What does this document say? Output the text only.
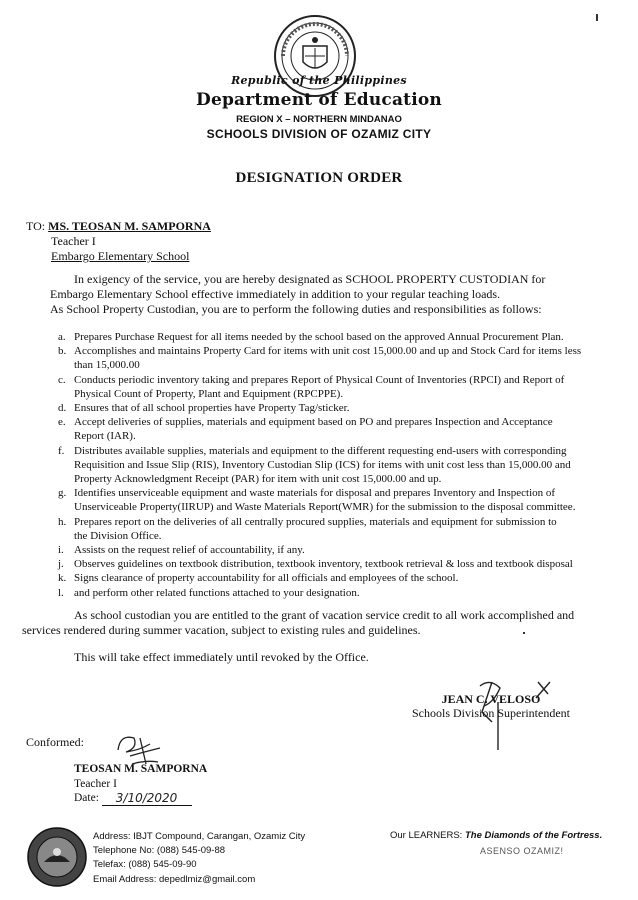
Republic of the Philippines
Department of Education
REGION X – NORTHERN MINDANAO
SCHOOLS DIVISION OF OZAMIZ CITY
DESIGNATION ORDER
TO: MS. TEOSAN M. SAMPORNA
Teacher I
Embargo Elementary School
In exigency of the service, you are hereby designated as SCHOOL PROPERTY CUSTODIAN for
Embargo Elementary School effective immediately in addition to your regular teaching loads.
As School Property Custodian, you are to perform the following duties and responsibilities as follows:
a. Prepares Purchase Request for all items needed by the school based on the approved Annual Procurement Plan.
b. Accomplishes and maintains Property Card for items with unit cost 15,000.00 and up and Stock Card for items less
than 15,000.00
c. Conducts periodic inventory taking and prepares Report of Physical Count of Inventories (RPCI) and Report of
Physical Count of Property, Plant and Equipment (RPCPPE).
d. Ensures that of all school properties have Property Tag/sticker.
e. Accept deliveries of supplies, materials and equipment based on PO and prepares Inspection and Acceptance
Report (IAR).
f. Distributes available supplies, materials and equipment to the different requesting end-users with corresponding
Requisition and Issue Slip (RIS), Inventory Custodian Slip (ICS) for items with unit cost less than 15,000.00 and
Property Acknowledgment Receipt (PAR) for item with unit cost 15,000.00 and up.
g. Identifies unserviceable equipment and waste materials for disposal and prepares Inventory and Inspection of
Unserviceable Property(IIRUP) and Waste Materials Report(WMR) for the submission to the disposal committee.
h. Prepares report on the deliveries of all centrally procured supplies, materials and equipment for submission to
the Division Office.
i. Assists on the request relief of accountability, if any.
j. Observes guidelines on textbook distribution, textbook inventory, textbook retrieval & loss and textbook disposal
k. Signs clearance of property accountability for all officials and employees of the school.
l. and perform other related functions attached to your designation.
As school custodian you are entitled to the grant of vacation service credit to all work accomplished and
services rendered during summer vacation, subject to existing rules and guidelines.
This will take effect immediately until revoked by the Office.
JEAN C. VELOSO
Schools Division Superintendent
Conformed:
TEOSAN M. SAMPORNA
Teacher I
Date: 3/10/2020
Address: IBJT Compound, Carangan, Ozamiz City
Telephone No: (088) 545-09-88
Telefax: (088) 545-09-90
Email Address: depedlmiz@gmail.com
Our LEARNERS: The Diamonds of the Fortress.
ASENSO OZAMIZ!
